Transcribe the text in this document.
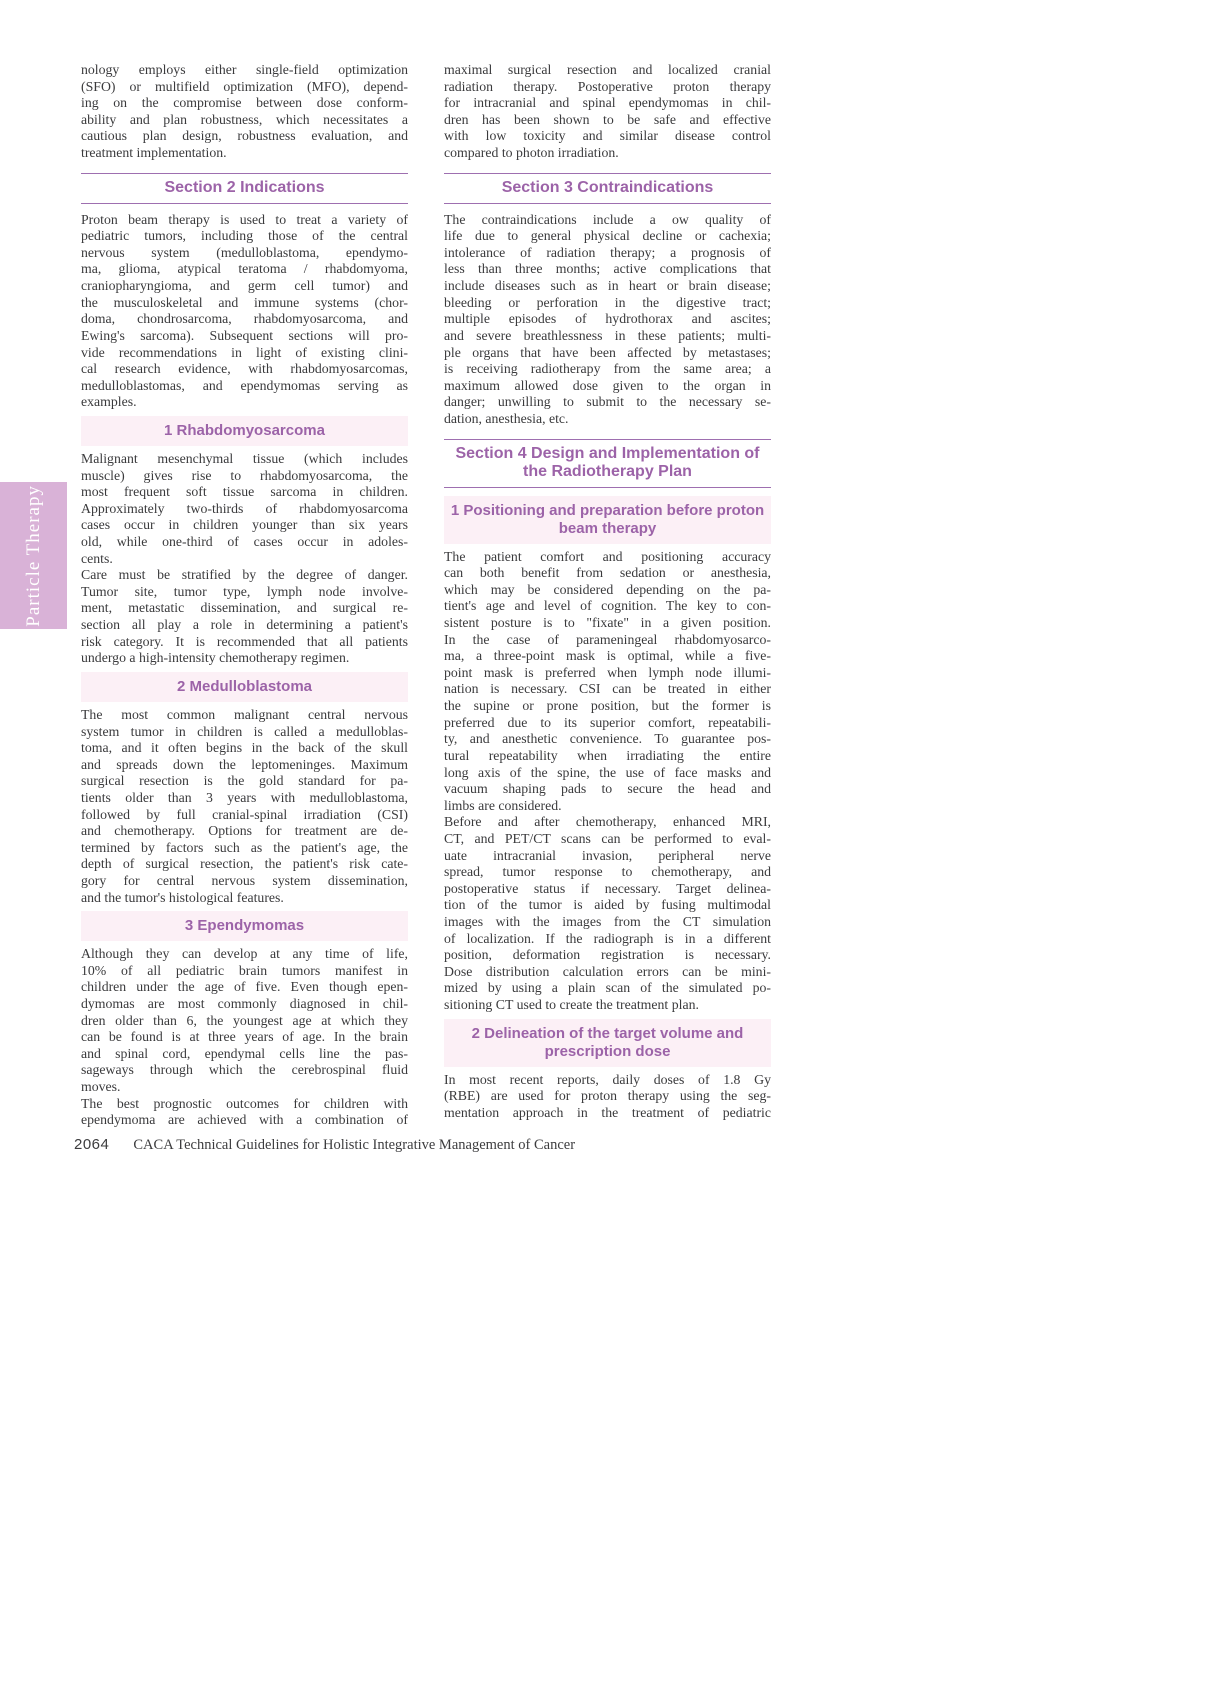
Particle Therapy
nology employs either single-field optimization
(SFO) or multifield optimization (MFO), depend-
ing on the compromise between dose conform-
ability and plan robustness, which necessitates a
cautious plan design, robustness evaluation, and
treatment implementation.
Section 2 Indications
Proton beam therapy is used to treat a variety of
pediatric tumors, including those of the central
nervous system (medulloblastoma, ependymo-
ma, glioma, atypical teratoma / rhabdomyoma,
craniopharyngioma, and germ cell tumor) and
the musculoskeletal and immune systems (chor-
doma, chondrosarcoma, rhabdomyosarcoma, and
Ewing's sarcoma). Subsequent sections will pro-
vide recommendations in light of existing clini-
cal research evidence, with rhabdomyosarcomas,
medulloblastomas, and ependymomas serving as
examples.
1 Rhabdomyosarcoma
Malignant mesenchymal tissue (which includes
muscle) gives rise to rhabdomyosarcoma, the
most frequent soft tissue sarcoma in children.
Approximately two-thirds of rhabdomyosarcoma
cases occur in children younger than six years
old, while one-third of cases occur in adoles-
cents.
Care must be stratified by the degree of danger.
Tumor site, tumor type, lymph node involve-
ment, metastatic dissemination, and surgical re-
section all play a role in determining a patient's
risk category. It is recommended that all patients
undergo a high-intensity chemotherapy regimen.
2 Medulloblastoma
The most common malignant central nervous
system tumor in children is called a medulloblas-
toma, and it often begins in the back of the skull
and spreads down the leptomeninges. Maximum
surgical resection is the gold standard for pa-
tients older than 3 years with medulloblastoma,
followed by full cranial-spinal irradiation (CSI)
and chemotherapy. Options for treatment are de-
termined by factors such as the patient's age, the
depth of surgical resection, the patient's risk cate-
gory for central nervous system dissemination,
and the tumor's histological features.
3 Ependymomas
Although they can develop at any time of life,
10% of all pediatric brain tumors manifest in
children under the age of five. Even though epen-
dymomas are most commonly diagnosed in chil-
dren older than 6, the youngest age at which they
can be found is at three years of age. In the brain
and spinal cord, ependymal cells line the pas-
sageways through which the cerebrospinal fluid
moves.
The best prognostic outcomes for children with
ependymoma are achieved with a combination of
maximal surgical resection and localized cranial
radiation therapy. Postoperative proton therapy
for intracranial and spinal ependymomas in chil-
dren has been shown to be safe and effective
with low toxicity and similar disease control
compared to photon irradiation.
Section 3 Contraindications
The contraindications include a ow quality of
life due to general physical decline or cachexia;
intolerance of radiation therapy; a prognosis of
less than three months; active complications that
include diseases such as in heart or brain disease;
bleeding or perforation in the digestive tract;
multiple episodes of hydrothorax and ascites;
and severe breathlessness in these patients; multi-
ple organs that have been affected by metastases;
is receiving radiotherapy from the same area; a
maximum allowed dose given to the organ in
danger; unwilling to submit to the necessary se-
dation, anesthesia, etc.
Section 4 Design and Implementation of
the Radiotherapy Plan
1 Positioning and preparation before proton
beam therapy
The patient comfort and positioning accuracy
can both benefit from sedation or anesthesia,
which may be considered depending on the pa-
tient's age and level of cognition. The key to con-
sistent posture is to "fixate" in a given position.
In the case of parameningeal rhabdomyosarco-
ma, a three-point mask is optimal, while a five-
point mask is preferred when lymph node illumi-
nation is necessary. CSI can be treated in either
the supine or prone position, but the former is
preferred due to its superior comfort, repeatabili-
ty, and anesthetic convenience. To guarantee pos-
tural repeatability when irradiating the entire
long axis of the spine, the use of face masks and
vacuum shaping pads to secure the head and
limbs are considered.
Before and after chemotherapy, enhanced MRI,
CT, and PET/CT scans can be performed to eval-
uate intracranial invasion, peripheral nerve
spread, tumor response to chemotherapy, and
postoperative status if necessary. Target delinea-
tion of the tumor is aided by fusing multimodal
images with the images from the CT simulation
of localization. If the radiograph is in a different
position, deformation registration is necessary.
Dose distribution calculation errors can be mini-
mized by using a plain scan of the simulated po-
sitioning CT used to create the treatment plan.
2 Delineation of the target volume and
prescription dose
In most recent reports, daily doses of 1.8 Gy
(RBE) are used for proton therapy using the seg-
mentation approach in the treatment of pediatric
2064 CACA Technical Guidelines for Holistic Integrative Management of Cancer
